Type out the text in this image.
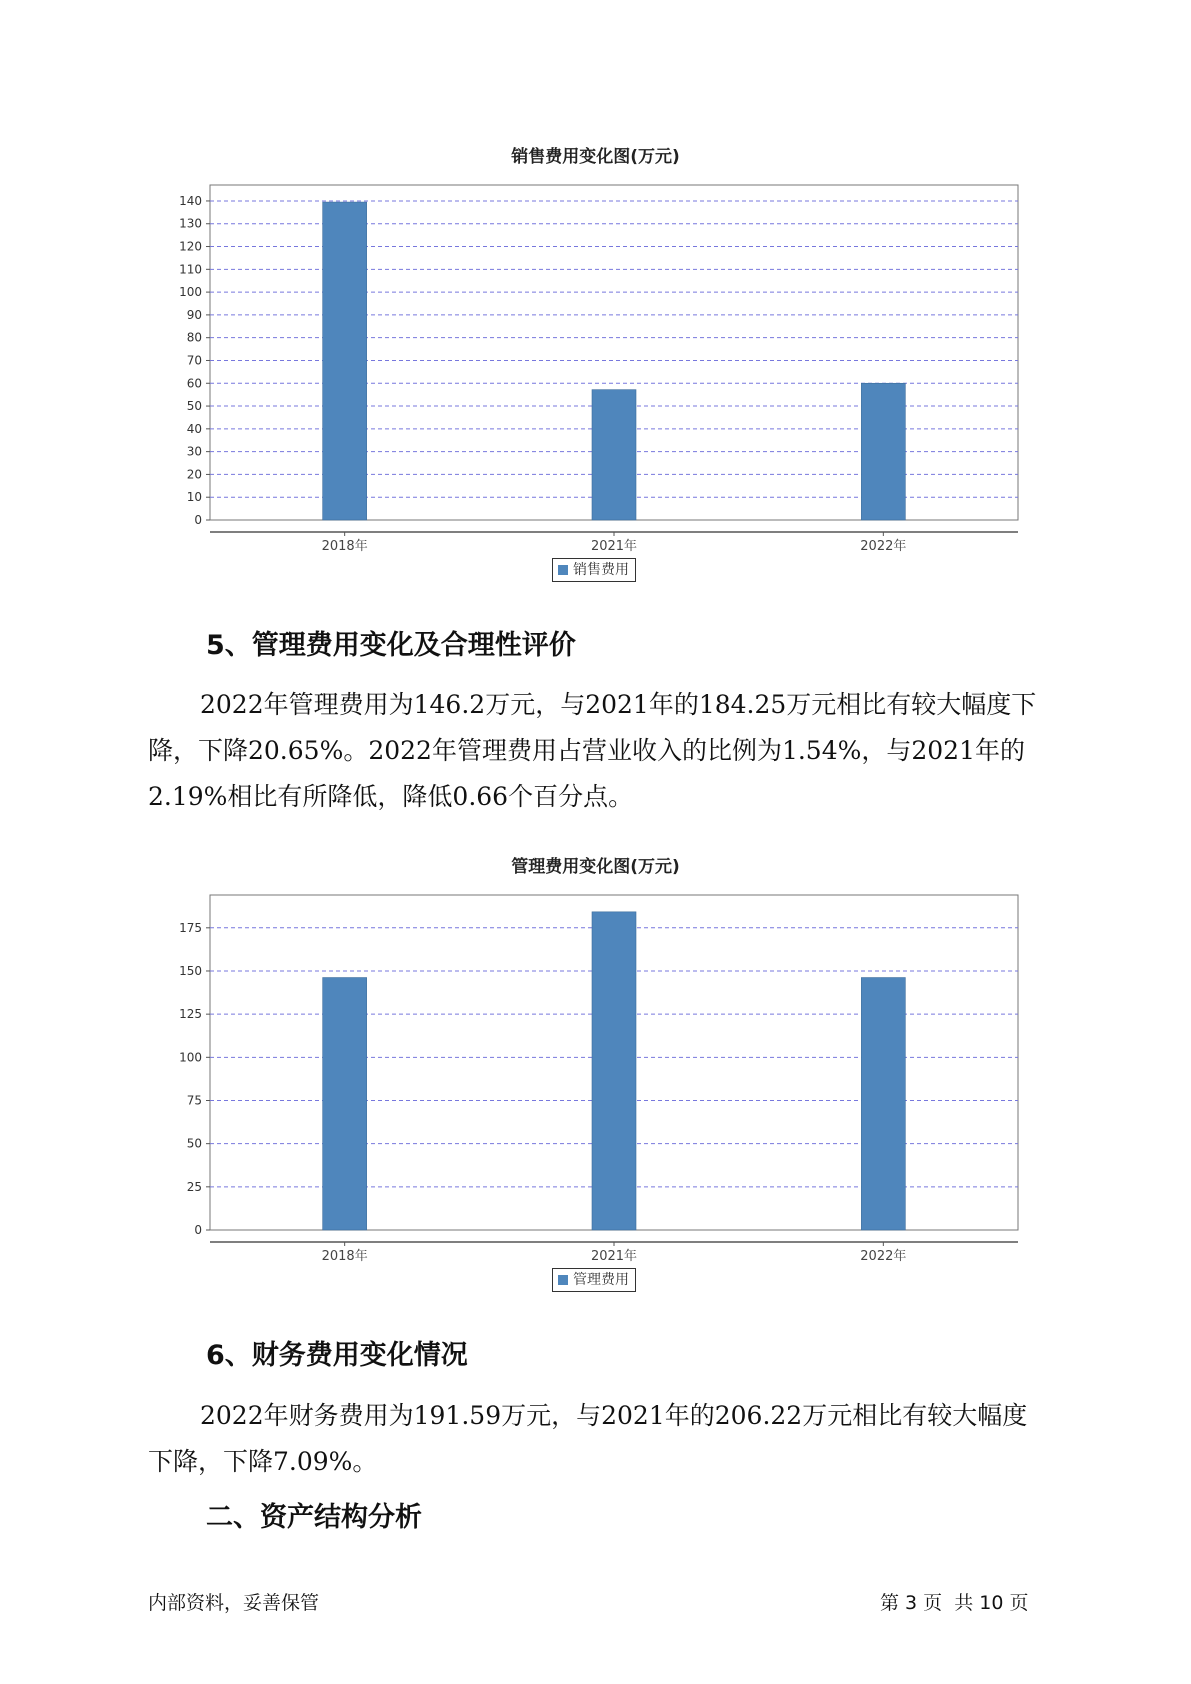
销售费用变化图(万元)
0
10
20
30
40
50
60
70
80
90
100
110
120
130
140
2018年	2021年	2022年
销售费用
5、管理费用变化及合理性评价

2022年管理费用为146.2万元，与2021年的184.25万元相比有较大幅度下降，下降20.65%。2022年管理费用占营业收入的比例为1.54%，与2021年的2.19%相比有所降低，降低0.66个百分点。

管理费用变化图(万元)
0
25
50
75
100
125
150
175
2018年	2021年	2022年
管理费用
6、财务费用变化情况

2022年财务费用为191.59万元，与2021年的206.22万元相比有较大幅度下降，下降7.09%。

二、资产结构分析
内部资料，妥善保管	第 3 页  共 10 页
